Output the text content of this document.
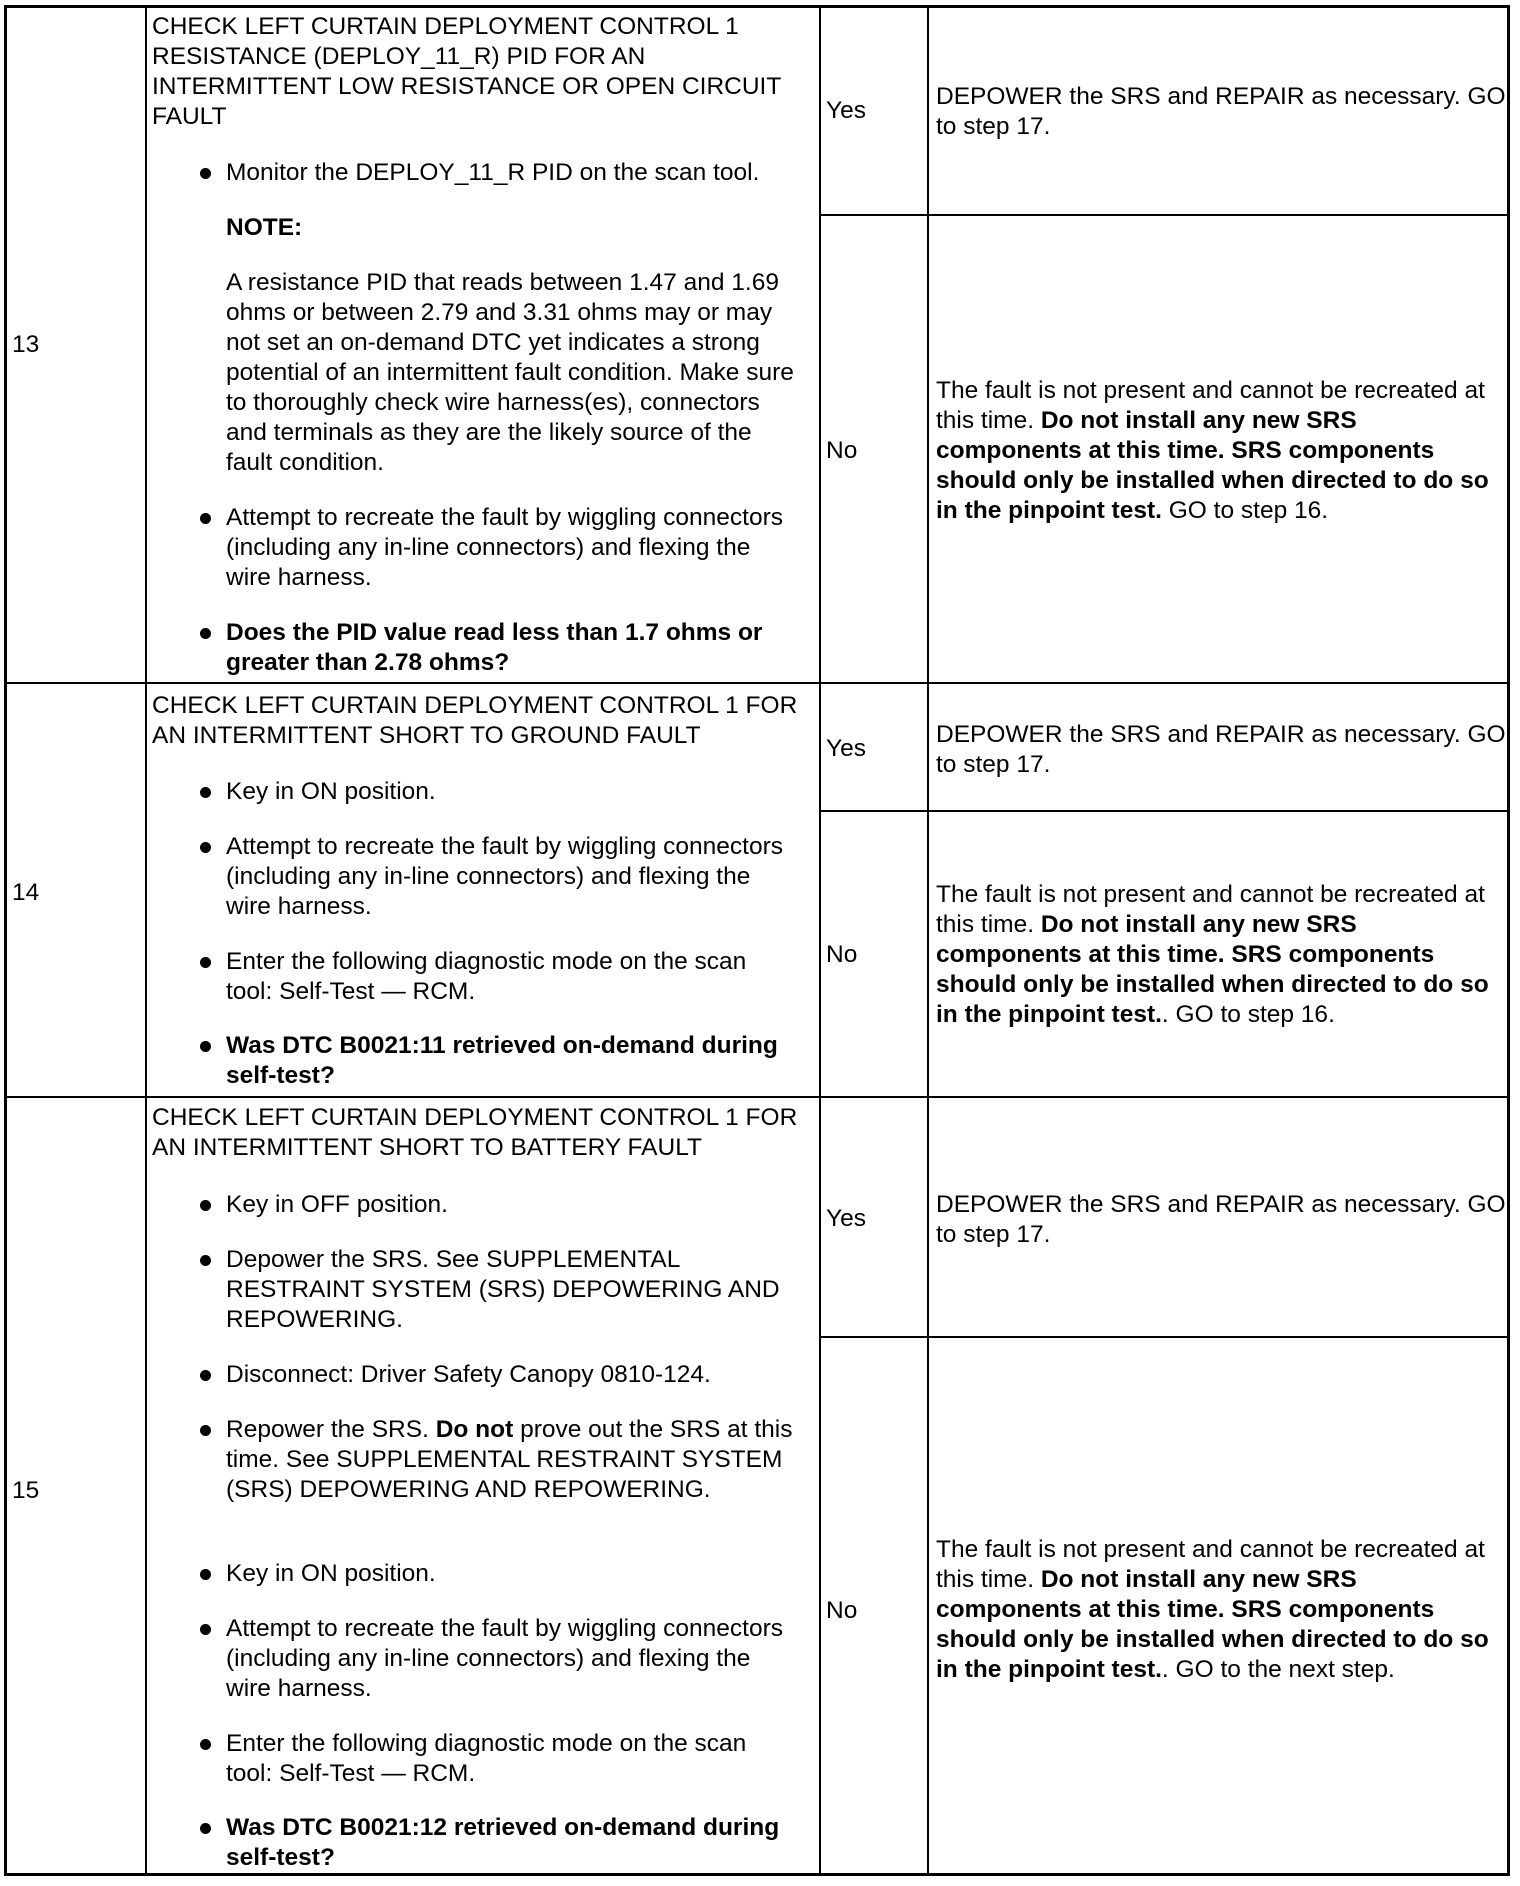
13
CHECK LEFT CURTAIN DEPLOYMENT CONTROL 1 RESISTANCE (DEPLOY_11_R) PID FOR AN INTERMITTENT LOW RESISTANCE OR OPEN CIRCUIT FAULT
Monitor the DEPLOY_11_R PID on the scan tool.
NOTE:
A resistance PID that reads between 1.47 and 1.69 ohms or between 2.79 and 3.31 ohms may or may not set an on-demand DTC yet indicates a strong potential of an intermittent fault condition. Make sure to thoroughly check wire harness(es), connectors and terminals as they are the likely source of the fault condition.
Attempt to recreate the fault by wiggling connectors (including any in-line connectors) and flexing the wire harness.
Does the PID value read less than 1.7 ohms or greater than 2.78 ohms?
Yes
DEPOWER the SRS and REPAIR as necessary. GO to step 17.
No
The fault is not present and cannot be recreated at this time. Do not install any new SRS components at this time. SRS components should only be installed when directed to do so in the pinpoint test. GO to step 16.
14
CHECK LEFT CURTAIN DEPLOYMENT CONTROL 1 FOR AN INTERMITTENT SHORT TO GROUND FAULT
Key in ON position.
Attempt to recreate the fault by wiggling connectors (including any in-line connectors) and flexing the wire harness.
Enter the following diagnostic mode on the scan tool: Self-Test — RCM.
Was DTC B0021:11 retrieved on-demand during self-test?
Yes
DEPOWER the SRS and REPAIR as necessary. GO to step 17.
No
The fault is not present and cannot be recreated at this time. Do not install any new SRS components at this time. SRS components should only be installed when directed to do so in the pinpoint test.. GO to step 16.
15
CHECK LEFT CURTAIN DEPLOYMENT CONTROL 1 FOR AN INTERMITTENT SHORT TO BATTERY FAULT
Key in OFF position.
Depower the SRS. See SUPPLEMENTAL RESTRAINT SYSTEM (SRS) DEPOWERING AND REPOWERING.
Disconnect: Driver Safety Canopy 0810-124.
Repower the SRS. Do not prove out the SRS at this time. See SUPPLEMENTAL RESTRAINT SYSTEM (SRS) DEPOWERING AND REPOWERING.
Key in ON position.
Attempt to recreate the fault by wiggling connectors (including any in-line connectors) and flexing the wire harness.
Enter the following diagnostic mode on the scan tool: Self-Test — RCM.
Was DTC B0021:12 retrieved on-demand during self-test?
Yes
DEPOWER the SRS and REPAIR as necessary. GO to step 17.
No
The fault is not present and cannot be recreated at this time. Do not install any new SRS components at this time. SRS components should only be installed when directed to do so in the pinpoint test.. GO to the next step.
